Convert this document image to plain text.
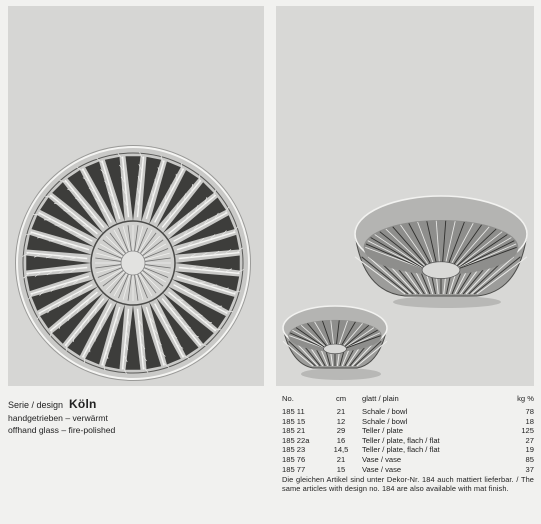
Serie / design Köln
handgetrieben – verwärmt
offhand glass – fire-polished
No.	cm	glatt / plain	kg %
185 11	21	Schale / bowl	78
185 15	12	Schale / bowl	18
185 21	29	Teller / plate	125
185 22a	16	Teller / plate, flach / flat	27
185 23	14,5	Teller / plate, flach / flat	19
185 76	21	Vase / vase	85
185 77	15	Vase / vase	37
Die gleichen Artikel sind unter Dekor-Nr. 184 auch mattiert lieferbar. / The same articles with design no. 184 are also available with mat finish.
